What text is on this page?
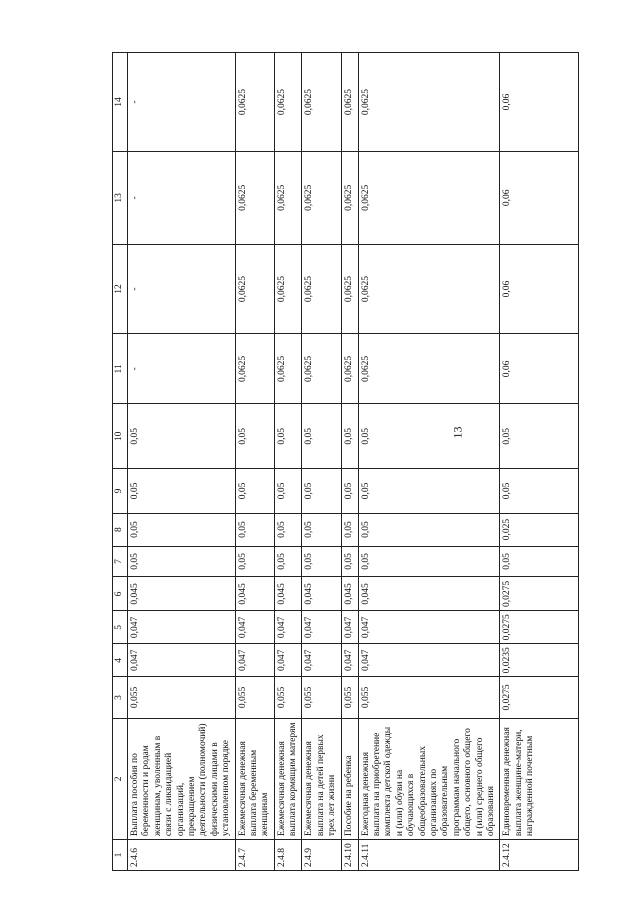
13
1	2	3	4	5	6	7	8	9	10	11	12	13	14
2.4.6	Выплата пособия по беременности и родам женщинам, уволенным в связи с ликвидацией организаций, прекращением деятельности (полномочий) физическими лицами в установленном порядке	0,055	0,047	0,047	0,045	0,05	0,05	0,05	0,05	-	-	-	-
2.4.7	Ежемесячная денежная выплата беременным женщинам	0,055	0,047	0,047	0,045	0,05	0,05	0,05	0,05	0,0625	0,0625	0,0625	0,0625
2.4.8	Ежемесячная денежная выплата кормящим матерям	0,055	0,047	0,047	0,045	0,05	0,05	0,05	0,05	0,0625	0,0625	0,0625	0,0625
2.4.9	Ежемесячная денежная выплата на детей первых трех лет жизни	0,055	0,047	0,047	0,045	0,05	0,05	0,05	0,05	0,0625	0,0625	0,0625	0,0625
2.4.10	Пособие на ребенка	0,055	0,047	0,047	0,045	0,05	0,05	0,05	0,05	0,0625	0,0625	0,0625	0,0625
2.4.11	Ежегодная денежная выплата на приобретение комплекта детской одежды и (или) обуви на обучающихся в общеобразовательных организациях по образовательным программам начального общего, основного общего и (или) среднего общего образования	0,055	0,047	0,047	0,045	0,05	0,05	0,05	0,05	0,0625	0,0625	0,0625	0,0625
2.4.12	Единовременная денежная выплата женщине-матери, награжденной почетным	0,0275	0,0235	0,0275	0,0275	0,05	0,025	0,05	0,05	0,06	0,06	0,06	0,06
